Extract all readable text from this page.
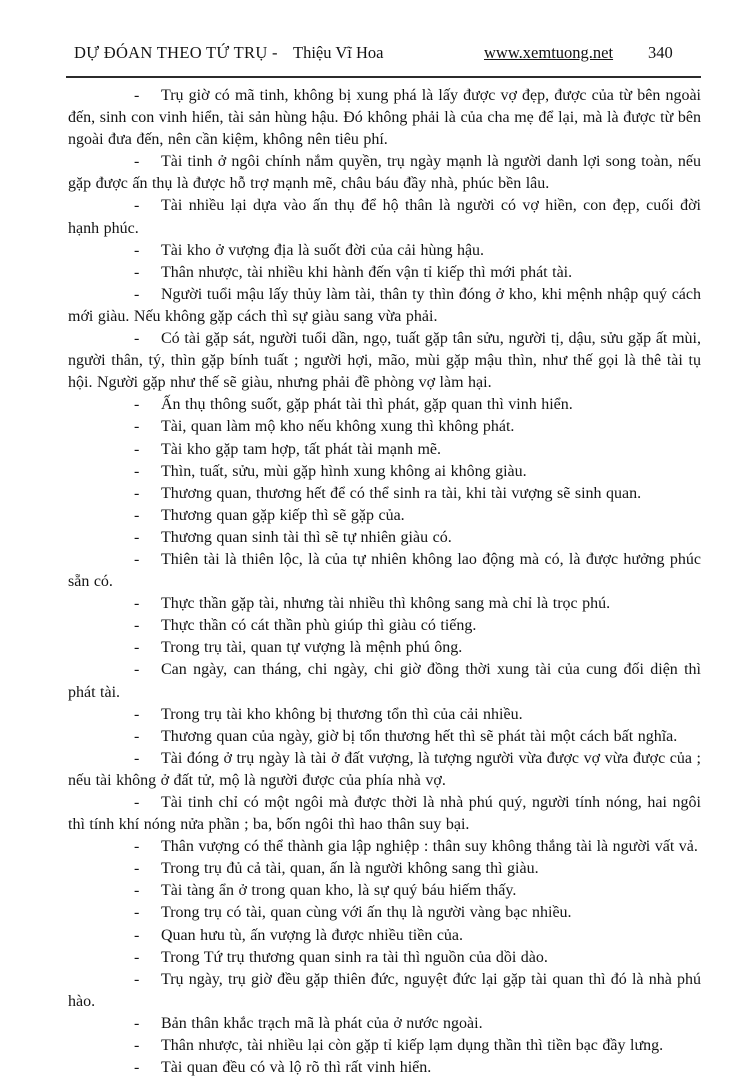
DỰ ĐÓAN THEO TỨ TRỤ - Thiệu Vĩ Hoa	www.xemtuong.net 340

- Trụ giờ có mã tinh, không bị xung phá là lấy được vợ đẹp, được của từ bên ngoài đến, sinh con vinh hiển, tài sản hùng hậu. Đó không phải là của cha mẹ để lại, mà là được từ bên ngoài đưa đến, nên cần kiệm, không nên tiêu phí.

- Tài tinh ở ngôi chính nắm quyền, trụ ngày mạnh là người danh lợi song toàn, nếu gặp được ấn thụ là được hỗ trợ mạnh mẽ, châu báu đầy nhà, phúc bền lâu.

- Tài nhiều lại dựa vào ấn thụ để hộ thân là người có vợ hiền, con đẹp, cuối đời hạnh phúc.

- Tài kho ở vượng địa là suốt đời của cải hùng hậu.

- Thân nhược, tài nhiều khi hành đến vận tỉ kiếp thì mới phát tài.

- Người tuổi mậu lấy thủy làm tài, thân ty thìn đóng ở kho, khi mệnh nhập quý cách mới giàu. Nếu không gặp cách thì sự giàu sang vừa phải.

- Có tài gặp sát, người tuổi dần, ngọ, tuất gặp tân sửu, người tị, dậu, sửu gặp ất mùi, người thân, tý, thìn gặp bính tuất ; người hợi, mão, mùi gặp mậu thìn, như thế gọi là thê tài tụ hội. Người gặp như thế sẽ giàu, nhưng phải đề phòng vợ làm hại.

- Ấn thụ thông suốt, gặp phát tài thì phát, gặp quan thì vinh hiển.

- Tài, quan làm mộ kho nếu không xung thì không phát.

- Tài kho gặp tam hợp, tất phát tài mạnh mẽ.

- Thìn, tuất, sửu, mùi gặp hình xung không ai không giàu.

- Thương quan, thương hết để có thể sinh ra tài, khi tài vượng sẽ sinh quan.

- Thương quan gặp kiếp thì sẽ gặp của.

- Thương quan sinh tài thì sẽ tự nhiên giàu có.

- Thiên tài là thiên lộc, là của tự nhiên không lao động mà có, là được hưởng phúc sẵn có.

- Thực thần gặp tài, nhưng tài nhiều thì không sang mà chỉ là trọc phú.

- Thực thần có cát thần phù giúp thì giàu có tiếng.

- Trong trụ tài, quan tự vượng là mệnh phú ông.

- Can ngày, can tháng, chi ngày, chi giờ đồng thời xung tài của cung đối diện thì phát tài.

- Trong trụ tài kho không bị thương tổn thì của cải nhiều.

- Thương quan của ngày, giờ bị tổn thương hết thì sẽ phát tài một cách bất nghĩa.

- Tài đóng ở trụ ngày là tài ở đất vượng, là tượng người vừa được vợ vừa được của ; nếu tài không ở đất tử, mộ là người được của phía nhà vợ.

- Tài tinh chỉ có một ngôi mà được thời là nhà phú quý, người tính nóng, hai ngôi thì tính khí nóng nửa phần ; ba, bốn ngôi thì hao thân suy bại.

- Thân vượng có thể thành gia lập nghiệp : thân suy không thắng tài là người vất vả.

- Trong trụ đủ cả tài, quan, ấn là người không sang thì giàu.

- Tài tàng ẩn ở trong quan kho, là sự quý báu hiếm thấy.

- Trong trụ có tài, quan cùng với ấn thụ là người vàng bạc nhiều.

- Quan hưu tù, ấn vượng là được nhiều tiền của.

- Trong Tứ trụ thương quan sinh ra tài thì nguồn của dồi dào.

- Trụ ngày, trụ giờ đều gặp thiên đức, nguyệt đức lại gặp tài quan thì đó là nhà phú hào.

- Bản thân khắc trạch mã là phát của ở nước ngoài.

- Thân nhược, tài nhiều lại còn gặp tỉ kiếp lạm dụng thần thì tiền bạc đầy lưng.

- Tài quan đều có và lộ rõ thì rất vinh hiển.
